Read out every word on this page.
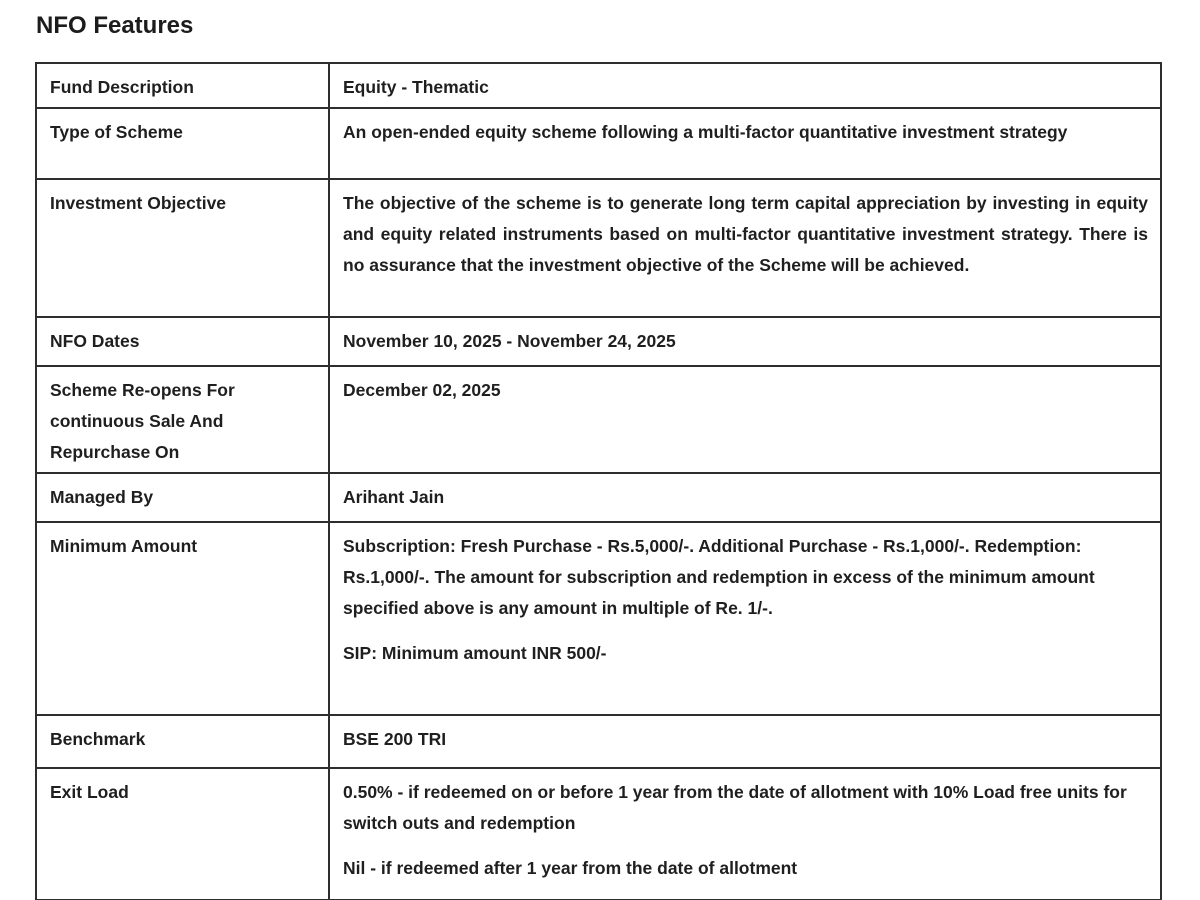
NFO Features
Fund Description	Equity - Thematic

Type of Scheme	An open-ended equity scheme following a multi-factor quantitative investment strategy

Investment Objective	The objective of the scheme is to generate long term capital appreciation by investing in equity and equity related instruments based on multi-factor quantitative investment strategy. There is no assurance that the investment objective of the Scheme will be achieved.

NFO Dates	November 10, 2025 - November 24, 2025

Scheme Re-opens For continuous Sale And Repurchase On	December 02, 2025

Managed By	Arihant Jain

Minimum Amount	Subscription: Fresh Purchase - Rs.5,000/-. Additional Purchase - Rs.1,000/-. Redemption: Rs.1,000/-. The amount for subscription and redemption in excess of the minimum amount specified above is any amount in multiple of Re. 1/-.

SIP: Minimum amount INR 500/-

Benchmark	BSE 200 TRI

Exit Load	0.50% - if redeemed on or before 1 year from the date of allotment with 10% Load free units for switch outs and redemption

Nil - if redeemed after 1 year from the date of allotment
